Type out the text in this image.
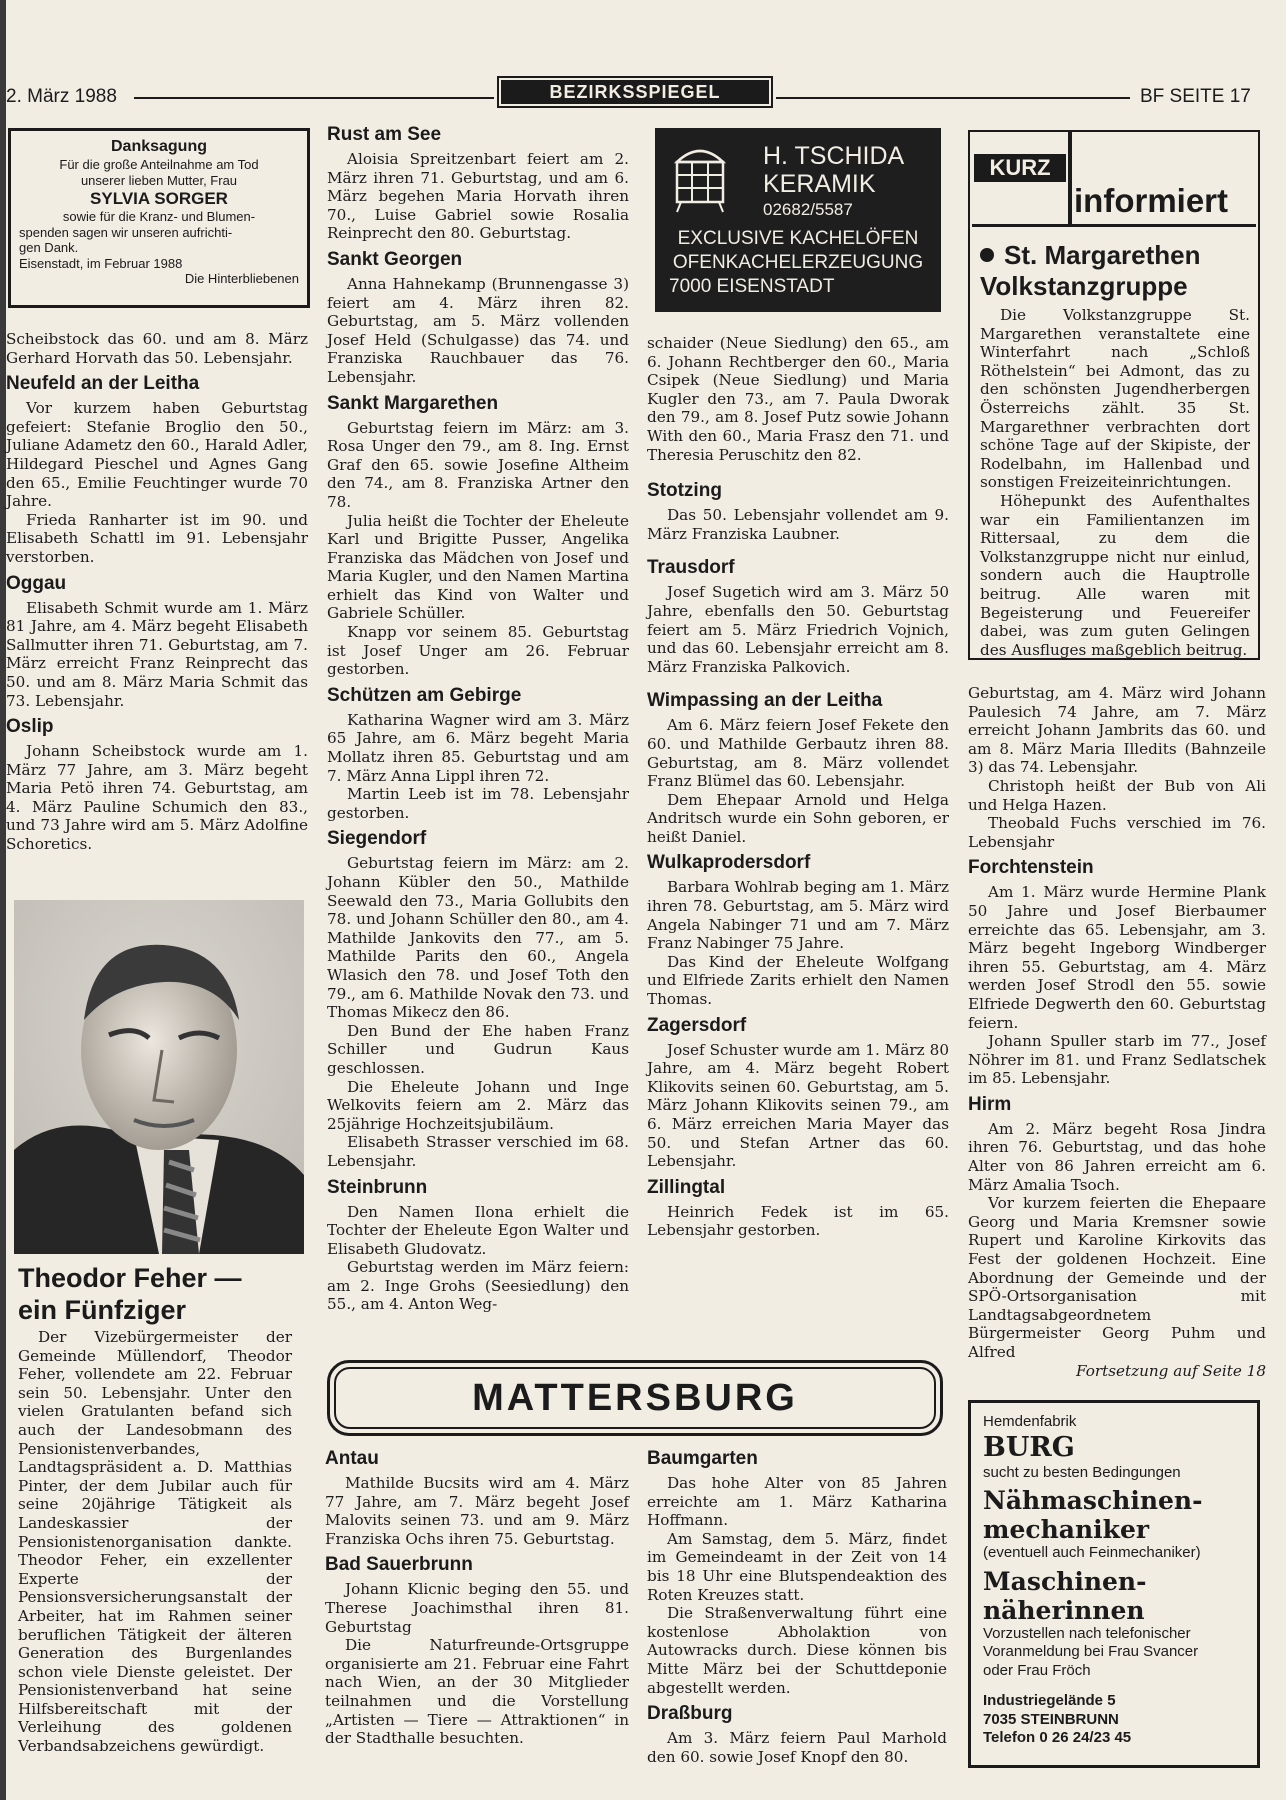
2. März 1988	BEZIRKSSPIEGEL	BF SEITE 17
Danksagung
Für die große Anteilnahme am Tod
unserer lieben Mutter, Frau
SYLVIA SORGER
sowie für die Kranz- und Blumen-
spenden sagen wir unseren aufrichti-
gen Dank.
Eisenstadt, im Februar 1988
Die Hinterbliebenen

Scheibstock das 60. und am 8. März Gerhard Horvath das 50. Lebensjahr.

Neufeld an der Leitha

Vor kurzem haben Geburtstag gefeiert: Stefanie Broglio den 50., Juliane Adametz den 60., Harald Adler, Hildegard Pieschel und Agnes Gang den 65., Emilie Feuchtinger wurde 70 Jahre.

Frieda Ranharter ist im 90. und Elisabeth Schattl im 91. Lebensjahr verstorben.

Oggau

Elisabeth Schmit wurde am 1. März 81 Jahre, am 4. März begeht Elisabeth Sallmutter ihren 71. Geburtstag, am 7. März erreicht Franz Reinprecht das 50. und am 8. März Maria Schmit das 73. Lebensjahr.

Oslip

Johann Scheibstock wurde am 1. März 77 Jahre, am 3. März begeht Maria Petö ihren 74. Geburtstag, am 4. März Pauline Schumich den 83., und 73 Jahre wird am 5. März Adolfine Schoretics.

Theodor Feher —
ein Fünfziger

Der Vizebürgermeister der Gemeinde Müllendorf, Theodor Feher, vollendete am 22. Februar sein 50. Lebensjahr. Unter den vielen Gratulanten befand sich auch der Landesobmann des Pensionistenverbandes, Landtagspräsident a. D. Matthias Pinter, der dem Jubilar auch für seine 20jährige Tätigkeit als Landeskassier der Pensionistenorganisation dankte. Theodor Feher, ein exzellenter Experte der Pensionsversicherungsanstalt der Arbeiter, hat im Rahmen seiner beruflichen Tätigkeit der älteren Generation des Burgenlandes schon viele Dienste geleistet. Der Pensionistenverband hat seine Hilfsbereitschaft mit der Verleihung des goldenen Verbandsabzeichens gewürdigt.

Rust am See

Aloisia Spreitzenbart feiert am 2. März ihren 71. Geburtstag, und am 6. März begehen Maria Horvath ihren 70., Luise Gabriel sowie Rosalia Reinprecht den 80. Geburtstag.

Sankt Georgen

Anna Hahnekamp (Brunnengasse 3) feiert am 4. März ihren 82. Geburtstag, am 5. März vollenden Josef Held (Schulgasse) das 74. und Franziska Rauchbauer das 76. Lebensjahr.

Sankt Margarethen

Geburtstag feiern im März: am 3. Rosa Unger den 79., am 8. Ing. Ernst Graf den 65. sowie Josefine Altheim den 74., am 8. Franziska Artner den 78.

Julia heißt die Tochter der Eheleute Karl und Brigitte Pusser, Angelika Franziska das Mädchen von Josef und Maria Kugler, und den Namen Martina erhielt das Kind von Walter und Gabriele Schüller.

Knapp vor seinem 85. Geburtstag ist Josef Unger am 26. Februar gestorben.

Schützen am Gebirge

Katharina Wagner wird am 3. März 65 Jahre, am 6. März begeht Maria Mollatz ihren 85. Geburtstag und am 7. März Anna Lippl ihren 72.

Martin Leeb ist im 78. Lebensjahr gestorben.

Siegendorf

Geburtstag feiern im März: am 2. Johann Kübler den 50., Mathilde Seewald den 73., Maria Gollubits den 78. und Johann Schüller den 80., am 4. Mathilde Jankovits den 77., am 5. Mathilde Parits den 60., Angela Wlasich den 78. und Josef Toth den 79., am 6. Mathilde Novak den 73. und Thomas Mikecz den 86.

Den Bund der Ehe haben Franz Schiller und Gudrun Kaus geschlossen.

Die Eheleute Johann und Inge Welkovits feiern am 2. März das 25jährige Hochzeitsjubiläum.

Elisabeth Strasser verschied im 68. Lebensjahr.

Steinbrunn

Den Namen Ilona erhielt die Tochter der Eheleute Egon Walter und Elisabeth Gludovatz.

Geburtstag werden im März feiern: am 2. Inge Grohs (Seesiedlung) den 55., am 4. Anton Weg-

H. TSCHIDA
KERAMIK
02682/5587
EXCLUSIVE KACHELÖFEN
OFENKACHELERZEUGUNG
7000 EISENSTADT

schaider (Neue Siedlung) den 65., am 6. Johann Rechtberger den 60., Maria Csipek (Neue Siedlung) und Maria Kugler den 73., am 7. Paula Dworak den 79., am 8. Josef Putz sowie Johann With den 60., Maria Frasz den 71. und Theresia Peruschitz den 82.

Stotzing

Das 50. Lebensjahr vollendet am 9. März Franziska Laubner.

Trausdorf

Josef Sugetich wird am 3. März 50 Jahre, ebenfalls den 50. Geburtstag feiert am 5. März Friedrich Vojnich, und das 60. Lebensjahr erreicht am 8. März Franziska Palkovich.

Wimpassing an der Leitha

Am 6. März feiern Josef Fekete den 60. und Mathilde Gerbautz ihren 88. Geburtstag, am 8. März vollendet Franz Blümel das 60. Lebensjahr.

Dem Ehepaar Arnold und Helga Andritsch wurde ein Sohn geboren, er heißt Daniel.

Wulkaprodersdorf

Barbara Wohlrab beging am 1. März ihren 78. Geburtstag, am 5. März wird Angela Nabinger 71 und am 7. März Franz Nabinger 75 Jahre.

Das Kind der Eheleute Wolfgang und Elfriede Zarits erhielt den Namen Thomas.

Zagersdorf

Josef Schuster wurde am 1. März 80 Jahre, am 4. März begeht Robert Klikovits seinen 60. Geburtstag, am 5. März Johann Klikovits seinen 79., am 6. März erreichen Maria Mayer das 50. und Stefan Artner das 60. Lebensjahr.

Zillingtal

Heinrich Fedek ist im 65. Lebensjahr gestorben.

KURZ
informiert
St. Margarethen
Volkstanzgruppe

Die Volkstanzgruppe St. Margarethen veranstaltete eine Winterfahrt nach „Schloß Röthelstein“ bei Admont, das zu den schönsten Jugendherbergen Österreichs zählt. 35 St. Margarethner verbrachten dort schöne Tage auf der Skipiste, der Rodelbahn, im Hallenbad und sonstigen Freizeiteinrichtungen.

Höhepunkt des Aufenthaltes war ein Familientanzen im Rittersaal, zu dem die Volkstanzgruppe nicht nur einlud, sondern auch die Hauptrolle beitrug. Alle waren mit Begeisterung und Feuereifer dabei, was zum guten Gelingen des Ausfluges maßgeblich beitrug.

Geburtstag, am 4. März wird Johann Paulesich 74 Jahre, am 7. März erreicht Johann Jambrits das 60. und am 8. März Maria Illedits (Bahnzeile 3) das 74. Lebensjahr.

Christoph heißt der Bub von Ali und Helga Hazen.

Theobald Fuchs verschied im 76. Lebensjahr

Forchtenstein

Am 1. März wurde Hermine Plank 50 Jahre und Josef Bierbaumer erreichte das 65. Lebensjahr, am 3. März begeht Ingeborg Windberger ihren 55. Geburtstag, am 4. März werden Josef Strodl den 55. sowie Elfriede Degwerth den 60. Geburtstag feiern.

Johann Spuller starb im 77., Josef Nöhrer im 81. und Franz Sedlatschek im 85. Lebensjahr.

Hirm

Am 2. März begeht Rosa Jindra ihren 76. Geburtstag, und das hohe Alter von 86 Jahren erreicht am 6. März Amalia Tsoch.

Vor kurzem feierten die Ehepaare Georg und Maria Kremsner sowie Rupert und Karoline Kirkovits das Fest der goldenen Hochzeit. Eine Abordnung der Gemeinde und der SPÖ-Ortsorganisation mit Landtagsabgeordnetem Bürgermeister Georg Puhm und Alfred

Fortsetzung auf Seite 18
MATTERSBURG
Antau

Mathilde Bucsits wird am 4. März 77 Jahre, am 7. März begeht Josef Malovits seinen 73. und am 9. März Franziska Ochs ihren 75. Geburtstag.

Bad Sauerbrunn

Johann Klicnic beging den 55. und Therese Joachimsthal ihren 81. Geburtstag

Die Naturfreunde-Ortsgruppe organisierte am 21. Februar eine Fahrt nach Wien, an der 30 Mitglieder teilnahmen und die Vorstellung „Artisten — Tiere — Attraktionen“ in der Stadthalle besuchten.

Baumgarten

Das hohe Alter von 85 Jahren erreichte am 1. März Katharina Hoffmann.

Am Samstag, dem 5. März, findet im Gemeindeamt in der Zeit von 14 bis 18 Uhr eine Blutspendeaktion des Roten Kreuzes statt.

Die Straßenverwaltung führt eine kostenlose Abholaktion von Autowracks durch. Diese können bis Mitte März bei der Schuttdeponie abgestellt werden.

Draßburg

Am 3. März feiern Paul Marhold den 60. sowie Josef Knopf den 80.

Hemdenfabrik
BURG
sucht zu besten Bedingungen
Nähmaschinen-
mechaniker
(eventuell auch Feinmechaniker)
Maschinen-
näherinnen
Vorzustellen nach telefonischer
Voranmeldung bei Frau Svancer
oder Frau Fröch
Industriegelände 5
7035 STEINBRUNN
Telefon 0 26 24/23 45
